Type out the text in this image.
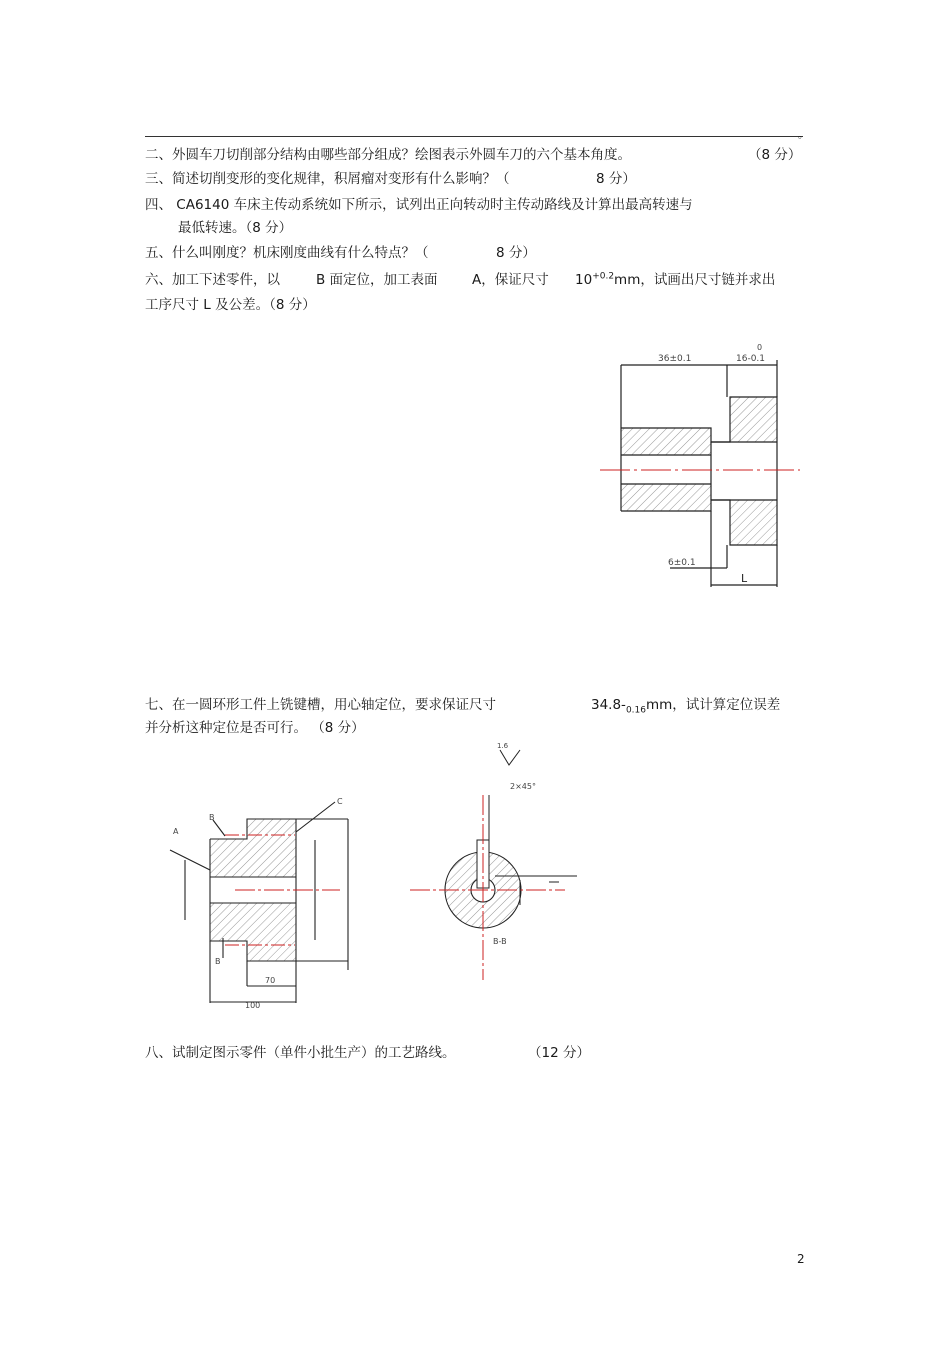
。
二、外圆车刀切削部分结构由哪些部分组成？绘图表示外圆车刀的六个基本角度。	（8 分）
三、简述切削变形的变化规律，积屑瘤对变形有什么影响？（	8 分）
四、 CA6140 车床主传动系统如下所示，试列出正向转动时主传动路线及计算出最高转速与
最低转速。（8 分）
五、什么叫刚度？机床刚度曲线有什么特点？（	8 分）
六、加工下述零件，以	B 面定位，加工表面	A，保证尺寸 $10^{+0.2}mm$，试画出尺寸链并求出
工序尺寸 L 及公差。（8 分）
36±0.1
0
16-0.1
6±0.1
L
七、在一圆环形工件上铣键槽，用心轴定位，要求保证尺寸	$34.8-_{0.16}mm$，试计算定位误差
并分析这种定位是否可行。 （8 分）
A
B
B
C
70
100
1.6
2×45°
B-B
八、试制定图示零件（单件小批生产）的工艺路线。	（12 分）
2
